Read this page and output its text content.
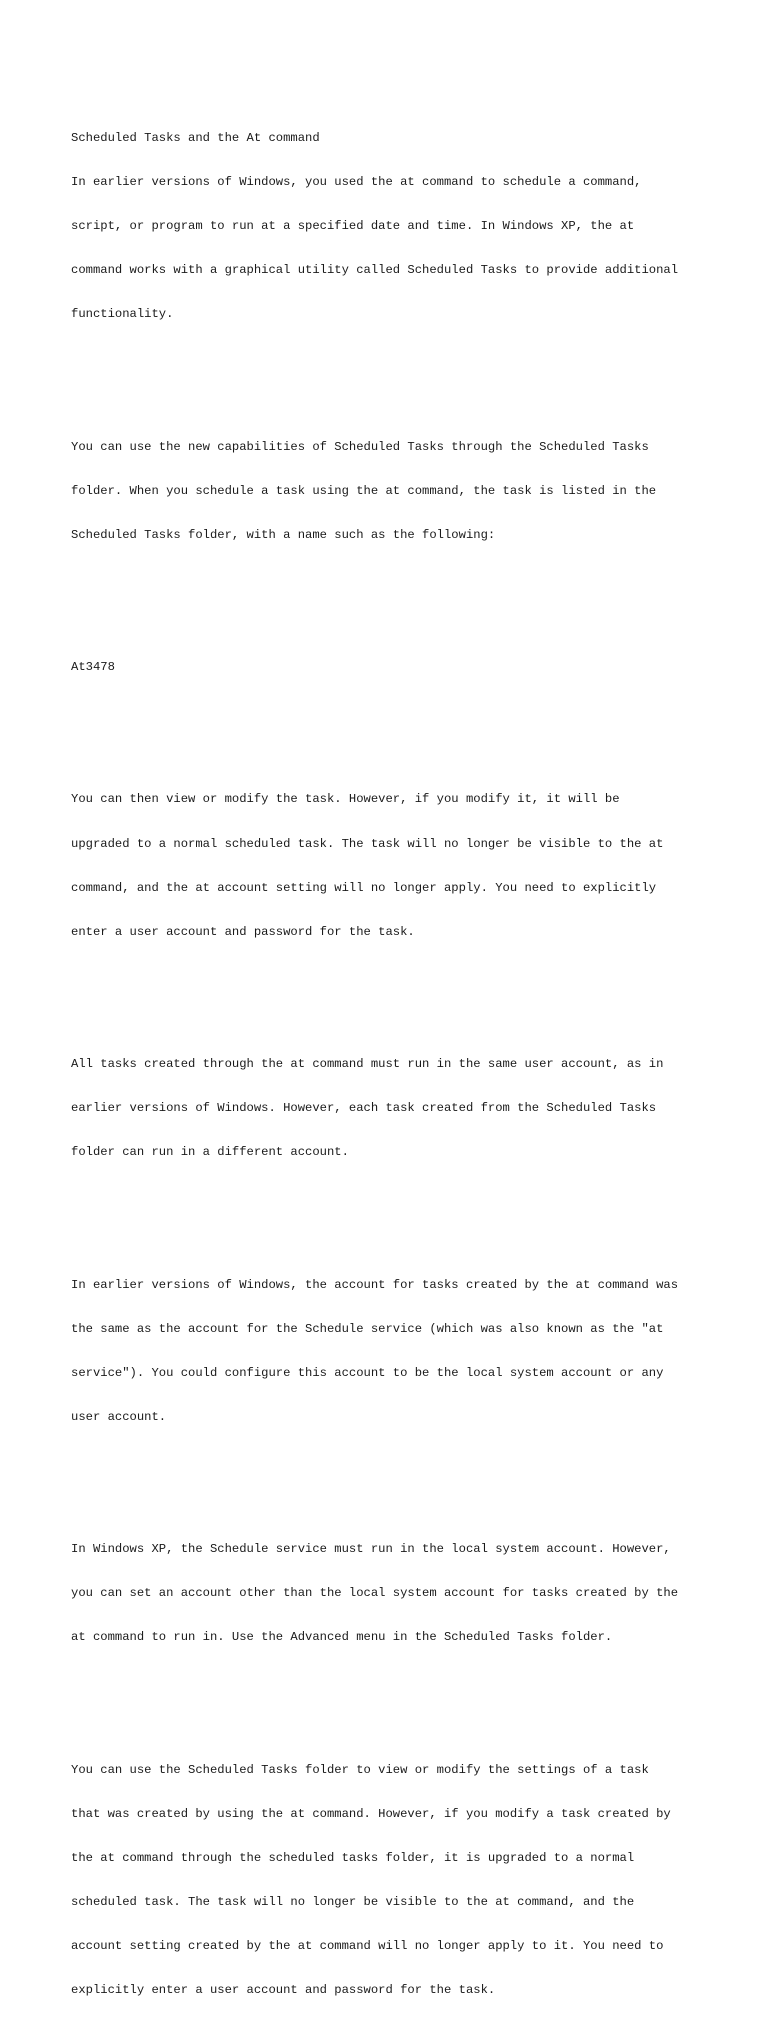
Scheduled Tasks and the At command

In earlier versions of Windows, you used the at command to schedule a command,

script, or program to run at a specified date and time. In Windows XP, the at

command works with a graphical utility called Scheduled Tasks to provide additional

functionality.

You can use the new capabilities of Scheduled Tasks through the Scheduled Tasks

folder. When you schedule a task using the at command, the task is listed in the

Scheduled Tasks folder, with a name such as the following:

At3478

You can then view or modify the task. However, if you modify it, it will be

upgraded to a normal scheduled task. The task will no longer be visible to the at

command, and the at account setting will no longer apply. You need to explicitly

enter a user account and password for the task.

All tasks created through the at command must run in the same user account, as in

earlier versions of Windows. However, each task created from the Scheduled Tasks

folder can run in a different account.

In earlier versions of Windows, the account for tasks created by the at command was

the same as the account for the Schedule service (which was also known as the "at

service"). You could configure this account to be the local system account or any

user account.

In Windows XP, the Schedule service must run in the local system account. However,

you can set an account other than the local system account for tasks created by the

at command to run in. Use the Advanced menu in the Scheduled Tasks folder.

You can use the Scheduled Tasks folder to view or modify the settings of a task

that was created by using the at command. However, if you modify a task created by

the at command through the scheduled tasks folder, it is upgraded to a normal

scheduled task. The task will no longer be visible to the at command, and the

account setting created by the at command will no longer apply to it. You need to

explicitly enter a user account and password for the task.
